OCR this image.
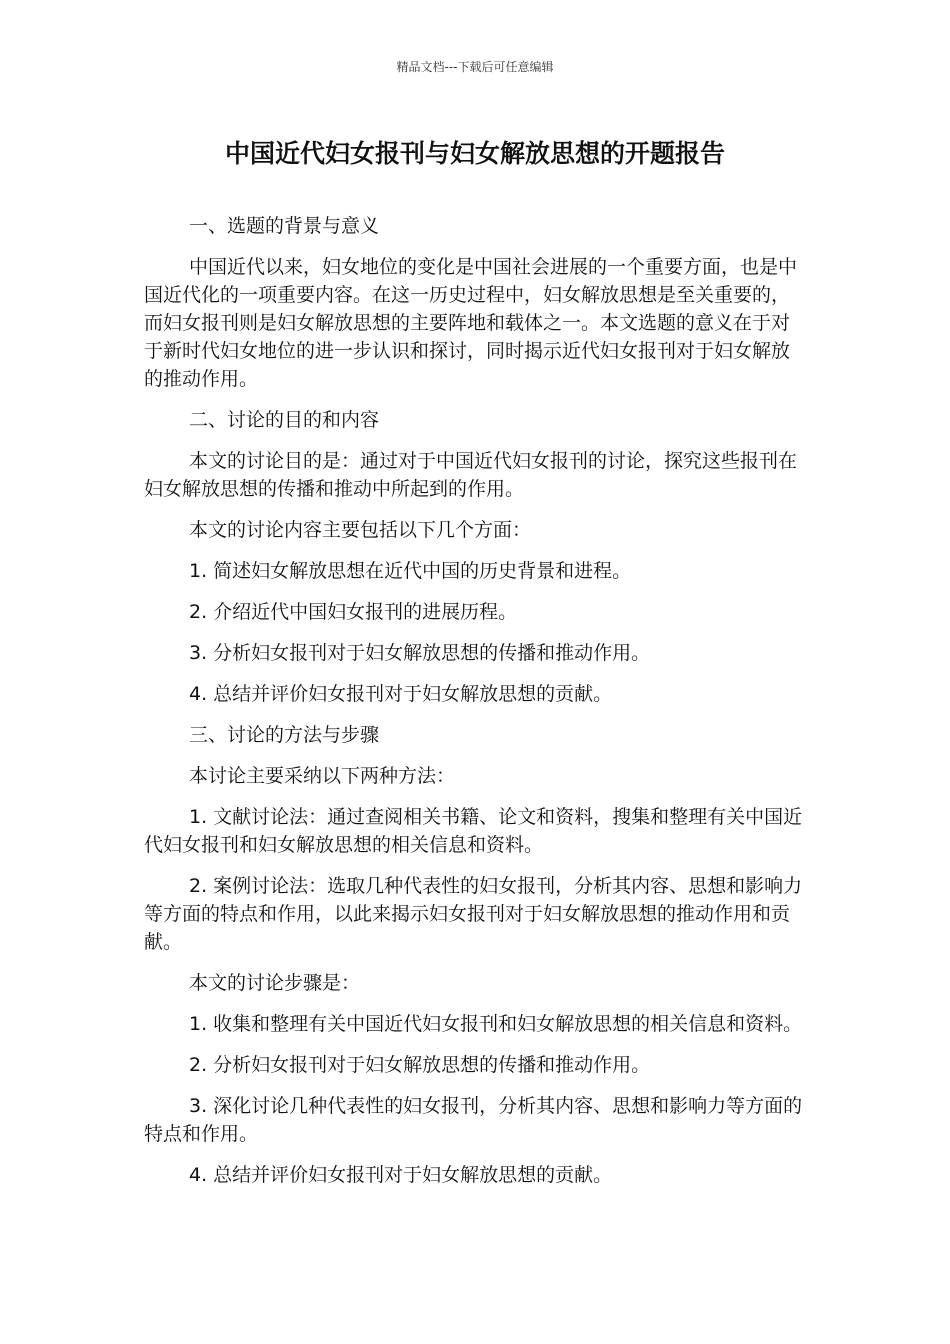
精品文档---下载后可任意编辑
中国近代妇女报刊与妇女解放思想的开题报告

一、选题的背景与意义

中国近代以来，妇女地位的变化是中国社会进展的一个重要方面，也是中国近代化的一项重要内容。在这一历史过程中，妇女解放思想是至关重要的，而妇女报刊则是妇女解放思想的主要阵地和载体之一。本文选题的意义在于对于新时代妇女地位的进一步认识和探讨，同时揭示近代妇女报刊对于妇女解放的推动作用。

二、讨论的目的和内容

本文的讨论目的是：通过对于中国近代妇女报刊的讨论，探究这些报刊在妇女解放思想的传播和推动中所起到的作用。

本文的讨论内容主要包括以下几个方面：

1. 简述妇女解放思想在近代中国的历史背景和进程。

2. 介绍近代中国妇女报刊的进展历程。

3. 分析妇女报刊对于妇女解放思想的传播和推动作用。

4. 总结并评价妇女报刊对于妇女解放思想的贡献。

三、讨论的方法与步骤

本讨论主要采纳以下两种方法：

1. 文献讨论法：通过查阅相关书籍、论文和资料，搜集和整理有关中国近代妇女报刊和妇女解放思想的相关信息和资料。

2. 案例讨论法：选取几种代表性的妇女报刊，分析其内容、思想和影响力等方面的特点和作用，以此来揭示妇女报刊对于妇女解放思想的推动作用和贡献。

本文的讨论步骤是：

1. 收集和整理有关中国近代妇女报刊和妇女解放思想的相关信息和资料。

2. 分析妇女报刊对于妇女解放思想的传播和推动作用。

3. 深化讨论几种代表性的妇女报刊，分析其内容、思想和影响力等方面的特点和作用。

4. 总结并评价妇女报刊对于妇女解放思想的贡献。
